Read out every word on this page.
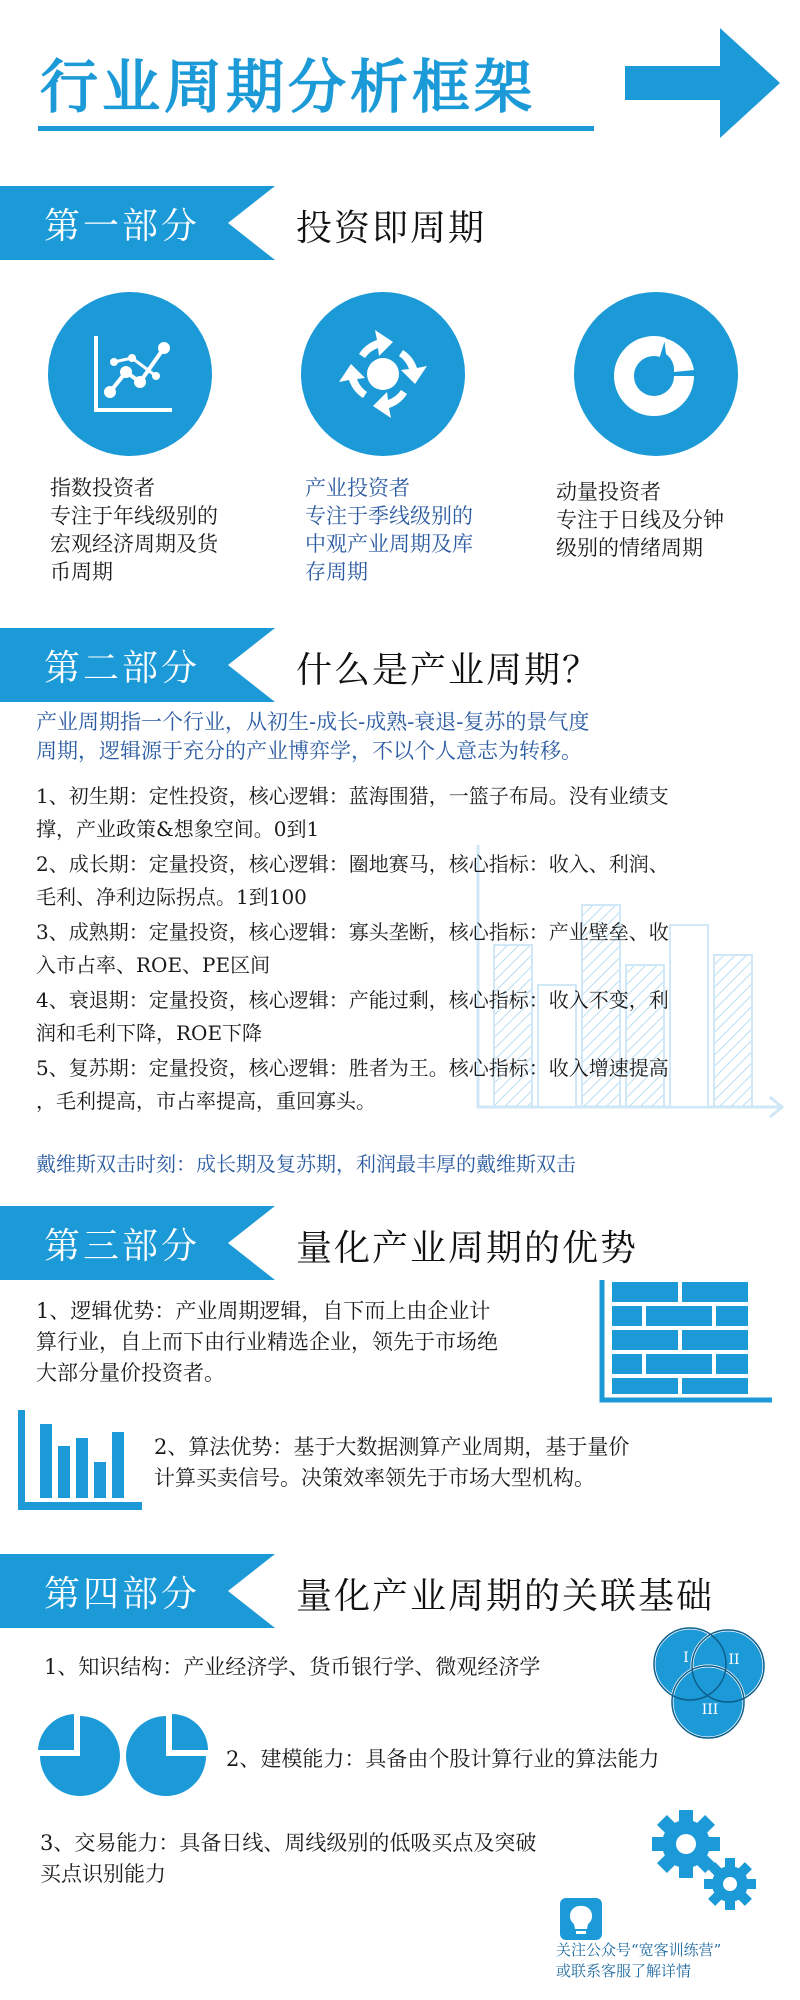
行业周期分析框架
第一部分	投资即周期
指数投资者
专注于年线级别的
宏观经济周期及货
币周期
产业投资者
专注于季线级别的
中观产业周期及库
存周期
动量投资者
专注于日线及分钟
级别的情绪周期
第二部分	什么是产业周期？
产业周期指一个行业，从初生-成长-成熟-衰退-复苏的景气度
周期，逻辑源于充分的产业博弈学，不以个人意志为转移。
1、初生期：定性投资，核心逻辑：蓝海围猎，一篮子布局。没有业绩支
撑，产业政策&想象空间。0到1
2、成长期：定量投资，核心逻辑：圈地赛马，核心指标：收入、利润、
毛利、净利边际拐点。1到100
3、成熟期：定量投资，核心逻辑：寡头垄断，核心指标：产业壁垒、收
入市占率、ROE、PE区间
4、衰退期：定量投资，核心逻辑：产能过剩，核心指标：收入不变，利
润和毛利下降，ROE下降
5、复苏期：定量投资，核心逻辑：胜者为王。核心指标：收入增速提高
，毛利提高，市占率提高，重回寡头。
戴维斯双击时刻：成长期及复苏期，利润最丰厚的戴维斯双击
第三部分	量化产业周期的优势
1、逻辑优势：产业周期逻辑，自下而上由企业计
算行业，自上而下由行业精选企业，领先于市场绝
大部分量价投资者。
2、算法优势：基于大数据测算产业周期，基于量价
计算买卖信号。决策效率领先于市场大型机构。
第四部分	量化产业周期的关联基础
1、知识结构：产业经济学、货币银行学、微观经济学	I	II
III
2、建模能力：具备由个股计算行业的算法能力
3、交易能力：具备日线、周线级别的低吸买点及突破
买点识别能力
关注公众号“宽客训练营”
或联系客服了解详情
